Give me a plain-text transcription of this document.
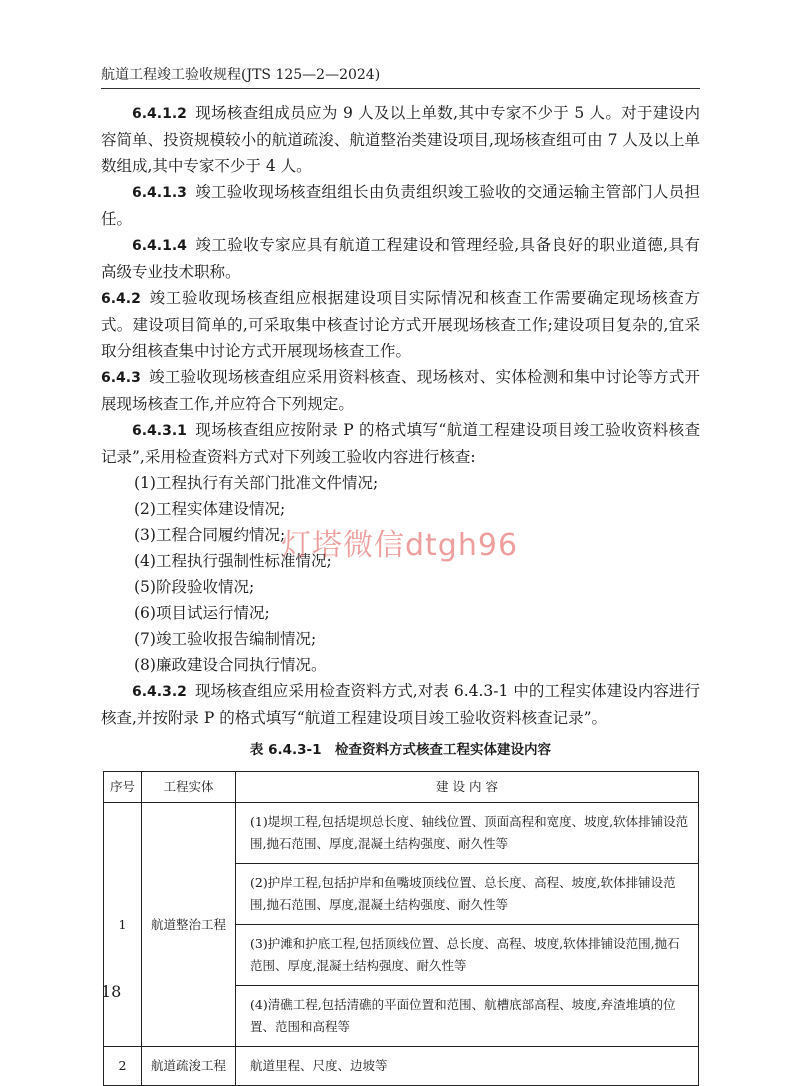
航道工程竣工验收规程(JTS 125—2—2024)

6.4.1.2 现场核查组成员应为 9 人及以上单数,其中专家不少于 5 人。对于建设内容简单、投资规模较小的航道疏浚、航道整治类建设项目,现场核查组可由 7 人及以上单数组成,其中专家不少于 4 人。

6.4.1.3 竣工验收现场核查组组长由负责组织竣工验收的交通运输主管部门人员担任。

6.4.1.4 竣工验收专家应具有航道工程建设和管理经验,具备良好的职业道德,具有高级专业技术职称。

6.4.2 竣工验收现场核查组应根据建设项目实际情况和核查工作需要确定现场核查方式。建设项目简单的,可采取集中核查讨论方式开展现场核查工作;建设项目复杂的,宜采取分组核查集中讨论方式开展现场核查工作。

6.4.3 竣工验收现场核查组应采用资料核查、现场核对、实体检测和集中讨论等方式开展现场核查工作,并应符合下列规定。

6.4.3.1 现场核查组应按附录 P 的格式填写“航道工程建设项目竣工验收资料核查记录”,采用检查资料方式对下列竣工验收内容进行核查:

(1)工程执行有关部门批准文件情况;

(2)工程实体建设情况;

(3)工程合同履约情况;

(4)工程执行强制性标准情况;

(5)阶段验收情况;

(6)项目试运行情况;

(7)竣工验收报告编制情况;

(8)廉政建设合同执行情况。

6.4.3.2 现场核查组应采用检查资料方式,对表 6.4.3-1 中的工程实体建设内容进行核查,并按附录 P 的格式填写“航道工程建设项目竣工验收资料核查记录”。

表 6.4.3-1　检查资料方式核查工程实体建设内容
序号	工程实体	建 设 内 容
1	航道整治工程	(1)堤坝工程,包括堤坝总长度、轴线位置、顶面高程和宽度、坡度,软体排铺设范围,抛石范围、厚度,混凝土结构强度、耐久性等
		(2)护岸工程,包括护岸和鱼嘴坡顶线位置、总长度、高程、坡度,软体排铺设范围,抛石范围、厚度,混凝土结构强度、耐久性等
		(3)护滩和护底工程,包括顶线位置、总长度、高程、坡度,软体排铺设范围,抛石范围、厚度,混凝土结构强度、耐久性等
		(4)清礁工程,包括清礁的平面位置和范围、航槽底部高程、坡度,弃渣堆填的位置、范围和高程等
2	航道疏浚工程	航道里程、尺度、边坡等
灯塔微信dtgh96
18
